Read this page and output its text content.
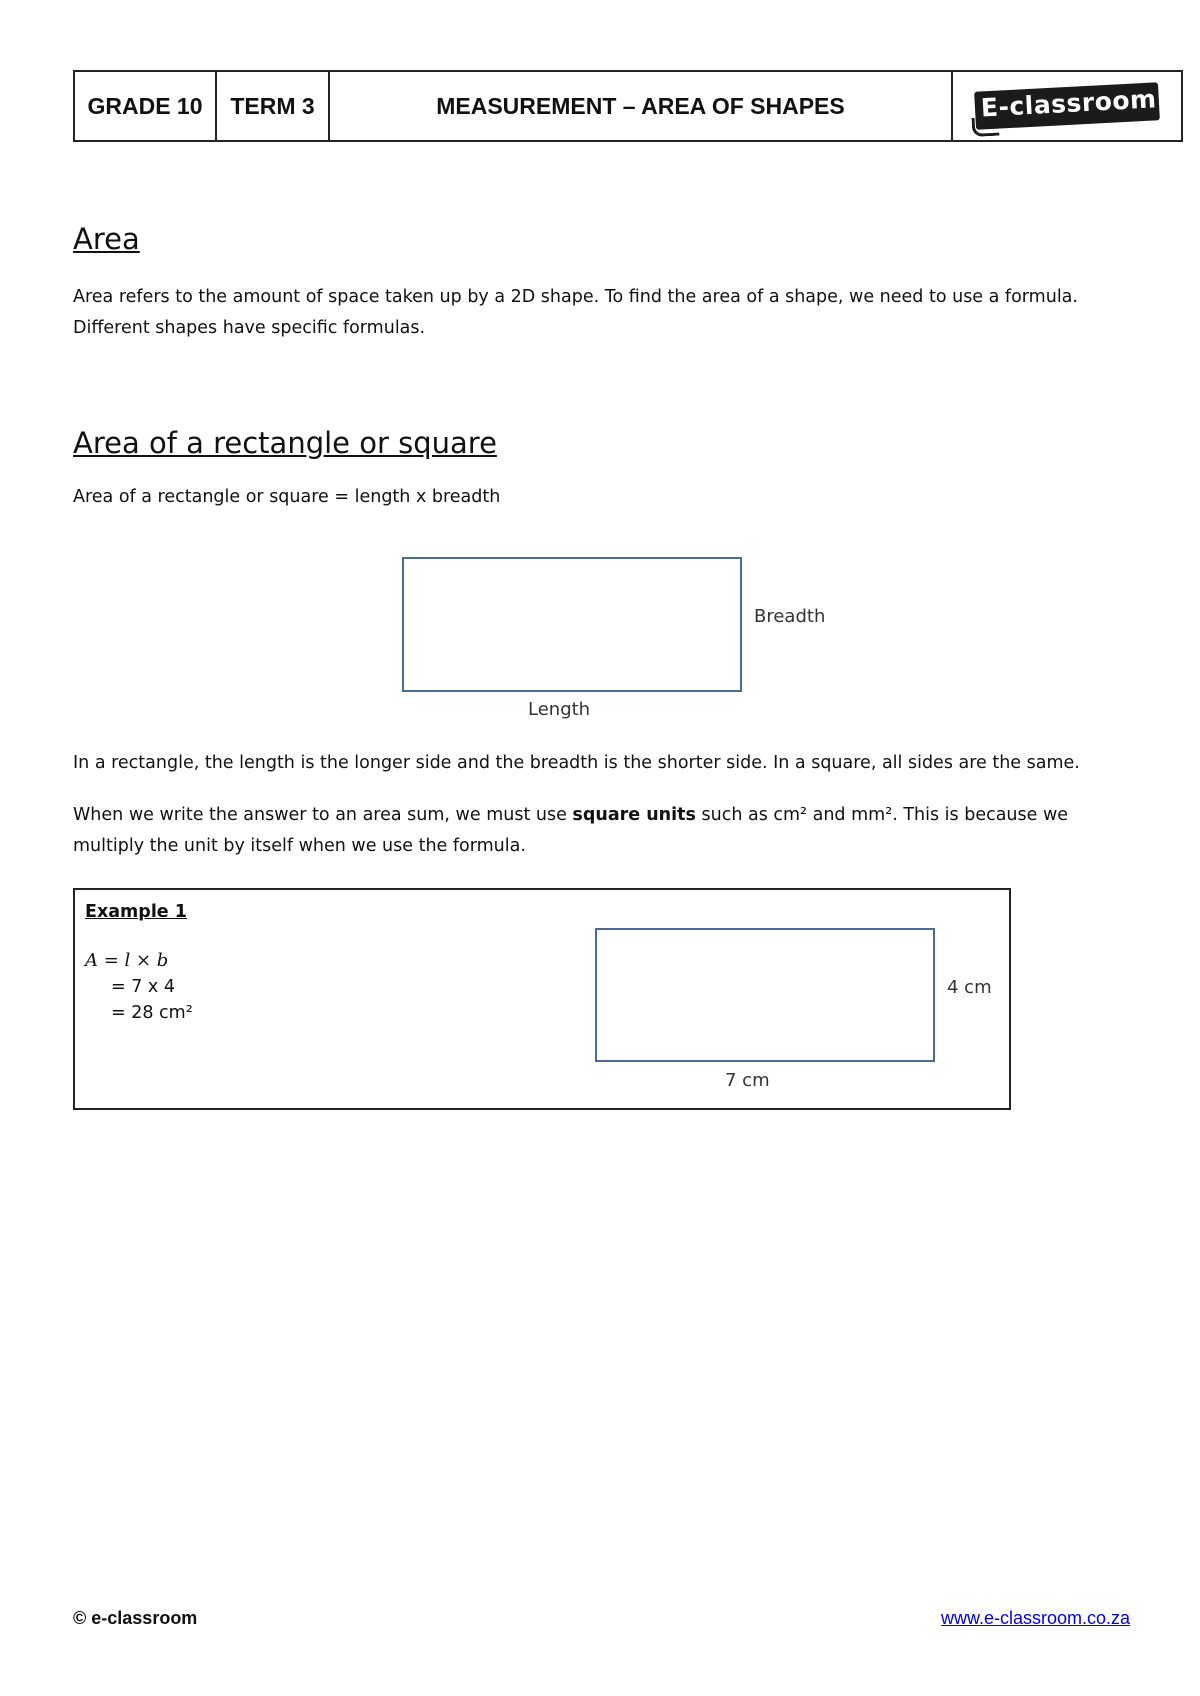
GRADE 10	TERM 3	MEASUREMENT – AREA OF SHAPES	E-classroom
Area
Area refers to the amount of space taken up by a 2D shape. To find the area of a shape, we need to use a formula.
Different shapes have specific formulas.
Area of a rectangle or square
Area of a rectangle or square = length x breadth
Breadth
Length
In a rectangle, the length is the longer side and the breadth is the shorter side. In a square, all sides are the same.
When we write the answer to an area sum, we must use square units such as cm² and mm². This is because we
multiply the unit by itself when we use the formula.
Example 1
A = l × b
= 7 x 4
= 28 cm²
4 cm
7 cm
© e-classroom	www.e-classroom.co.za
